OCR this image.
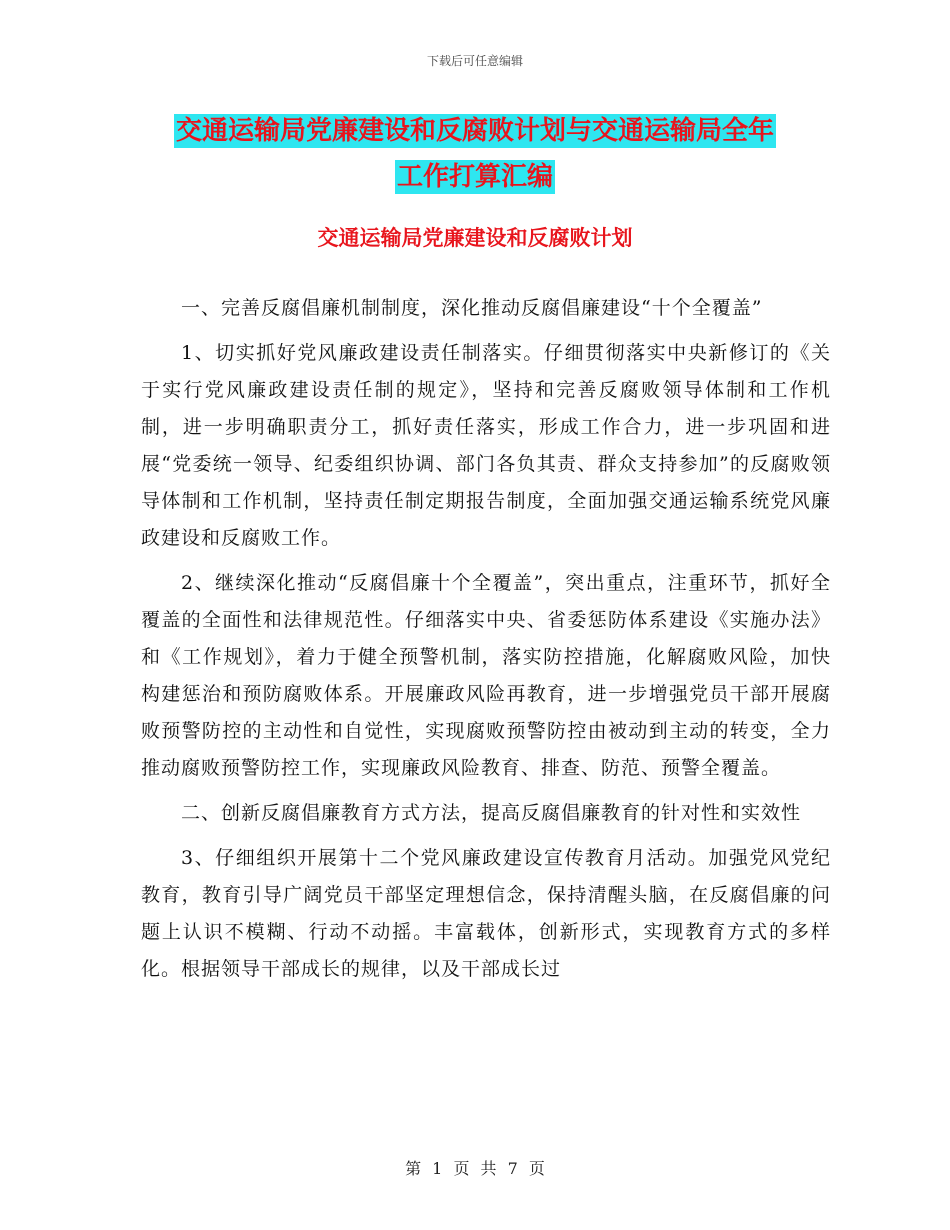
下载后可任意编辑
交通运输局党廉建设和反腐败计划与交通运输局全年
工作打算汇编
交通运输局党廉建设和反腐败计划

一、完善反腐倡廉机制制度，深化推动反腐倡廉建设“十个全覆盖”

1、切实抓好党风廉政建设责任制落实。仔细贯彻落实中央新修订的《关于实行党风廉政建设责任制的规定》，坚持和完善反腐败领导体制和工作机制，进一步明确职责分工，抓好责任落实，形成工作合力，进一步巩固和进展“党委统一领导、纪委组织协调、部门各负其责、群众支持参加”的反腐败领导体制和工作机制，坚持责任制定期报告制度，全面加强交通运输系统党风廉政建设和反腐败工作。

2、继续深化推动“反腐倡廉十个全覆盖”，突出重点，注重环节，抓好全覆盖的全面性和法律规范性。仔细落实中央、省委惩防体系建设《实施办法》和《工作规划》，着力于健全预警机制，落实防控措施，化解腐败风险，加快构建惩治和预防腐败体系。开展廉政风险再教育，进一步增强党员干部开展腐败预警防控的主动性和自觉性，实现腐败预警防控由被动到主动的转变，全力推动腐败预警防控工作，实现廉政风险教育、排查、防范、预警全覆盖。

二、创新反腐倡廉教育方式方法，提高反腐倡廉教育的针对性和实效性

3、仔细组织开展第十二个党风廉政建设宣传教育月活动。加强党风党纪教育，教育引导广阔党员干部坚定理想信念，保持清醒头脑，在反腐倡廉的问题上认识不模糊、行动不动摇。丰富载体，创新形式，实现教育方式的多样化。根据领导干部成长的规律，以及干部成长过

第 1 页 共 7 页
